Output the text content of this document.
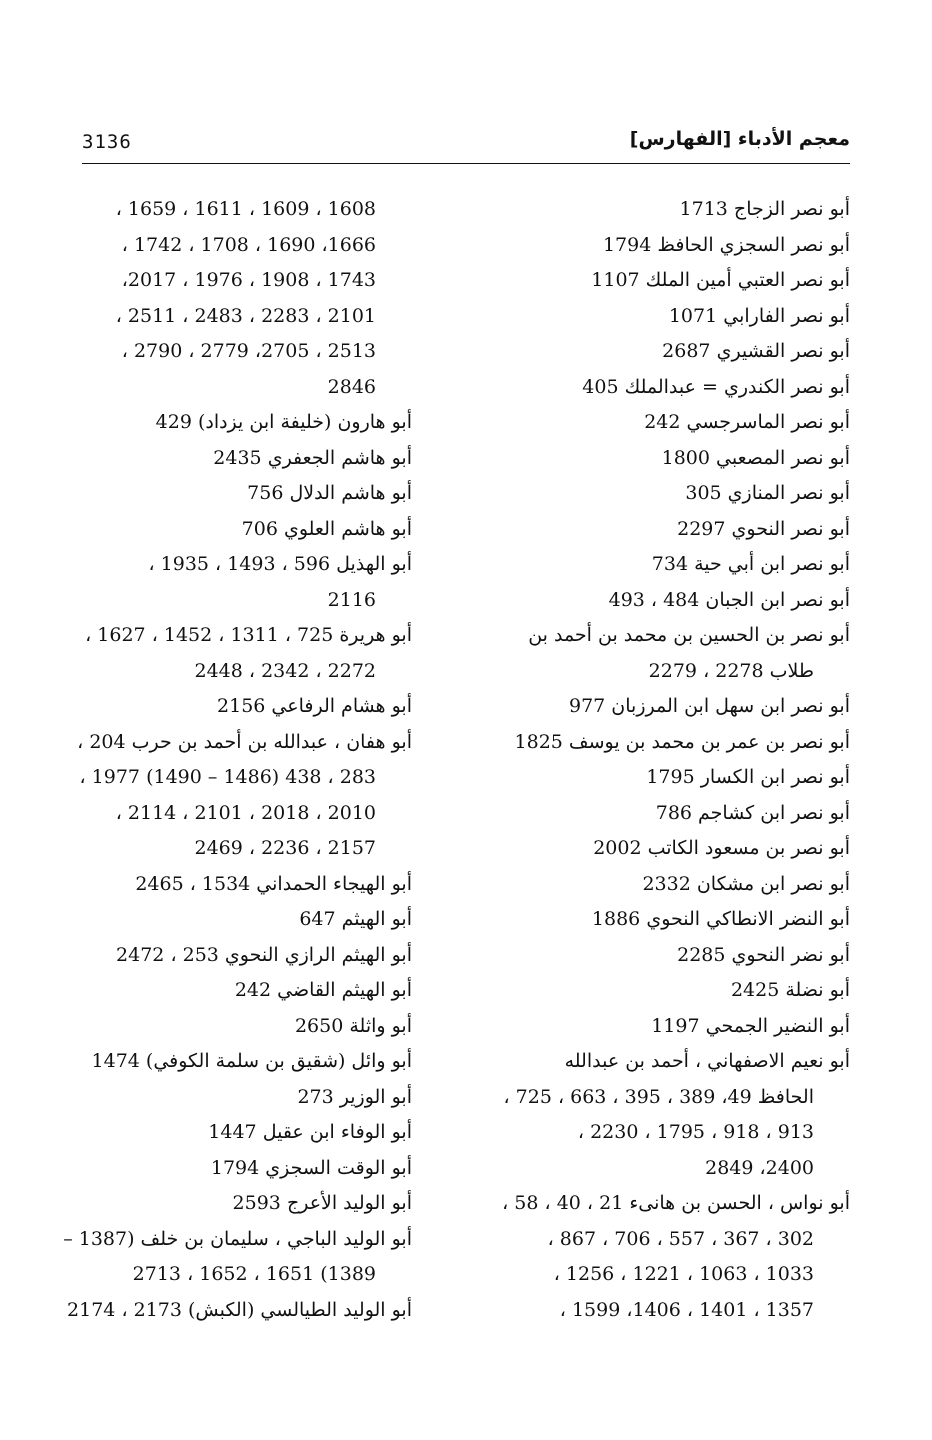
معجم الأدباء [الفهارس]
3136
أبو نصر الزجاج 1713
أبو نصر السجزي الحافظ 1794
أبو نصر العتبي أمين الملك 1107
أبو نصر الفارابي 1071
أبو نصر القشيري 2687
أبو نصر الكندري = عبدالملك 405
أبو نصر الماسرجسي 242
أبو نصر المصعبي 1800
أبو نصر المنازي 305
أبو نصر النحوي 2297
أبو نصر ابن أبي حية 734
أبو نصر ابن الجبان 484 ، 493
أبو نصر بن الحسين بن محمد بن أحمد بن
طلاب 2278 ، 2279
أبو نصر ابن سهل ابن المرزبان 977
أبو نصر بن عمر بن محمد بن يوسف 1825
أبو نصر ابن الكسار 1795
أبو نصر ابن كشاجم 786
أبو نصر بن مسعود الكاتب 2002
أبو نصر ابن مشكان 2332
أبو النضر الانطاكي النحوي 1886
أبو نضر النحوي 2285
أبو نضلة 2425
أبو النضير الجمحي 1197
أبو نعيم الاصفهاني ، أحمد بن عبدالله
الحافظ 49، 389 ، 395 ، 663 ، 725 ،
913 ، 918 ، 1795 ، 2230 ،
2400، 2849
أبو نواس ، الحسن بن هانىء 21 ، 40 ، 58 ،
302 ، 367 ، 557 ، 706 ، 867 ،
1033 ، 1063 ، 1221 ، 1256 ،
1357 ، 1401 ، 1406، 1599 ،
1608 ، 1609 ، 1611 ، 1659 ،
1666، 1690 ، 1708 ، 1742 ،
1743 ، 1908 ، 1976 ، 2017،
2101 ، 2283 ، 2483 ، 2511 ،
2513 ، 2705، 2779 ، 2790 ،
2846
أبو هارون (خليفة ابن يزداد) 429
أبو هاشم الجعفري 2435
أبو هاشم الدلال 756
أبو هاشم العلوي 706
أبو الهذيل 596 ، 1493 ، 1935 ،
2116
أبو هريرة 725 ، 1311 ، 1452 ، 1627 ،
2272 ، 2342 ، 2448
أبو هشام الرفاعي 2156
أبو هفان ، عبدالله بن أحمد بن حرب 204 ،
283 ، 438 (1486 – 1490) 1977 ،
2010 ، 2018 ، 2101 ، 2114 ،
2157 ، 2236 ، 2469
أبو الهيجاء الحمداني 1534 ، 2465
أبو الهيثم 647
أبو الهيثم الرازي النحوي 253 ، 2472
أبو الهيثم القاضي 242
أبو واثلة 2650
أبو وائل (شقيق بن سلمة الكوفي) 1474
أبو الوزير 273
أبو الوفاء ابن عقيل 1447
أبو الوقت السجزي 1794
أبو الوليد الأعرج 2593
أبو الوليد الباجي ، سليمان بن خلف (1387 –
1389) 1651 ، 1652 ، 2713
أبو الوليد الطيالسي (الكبش) 2173 ، 2174
